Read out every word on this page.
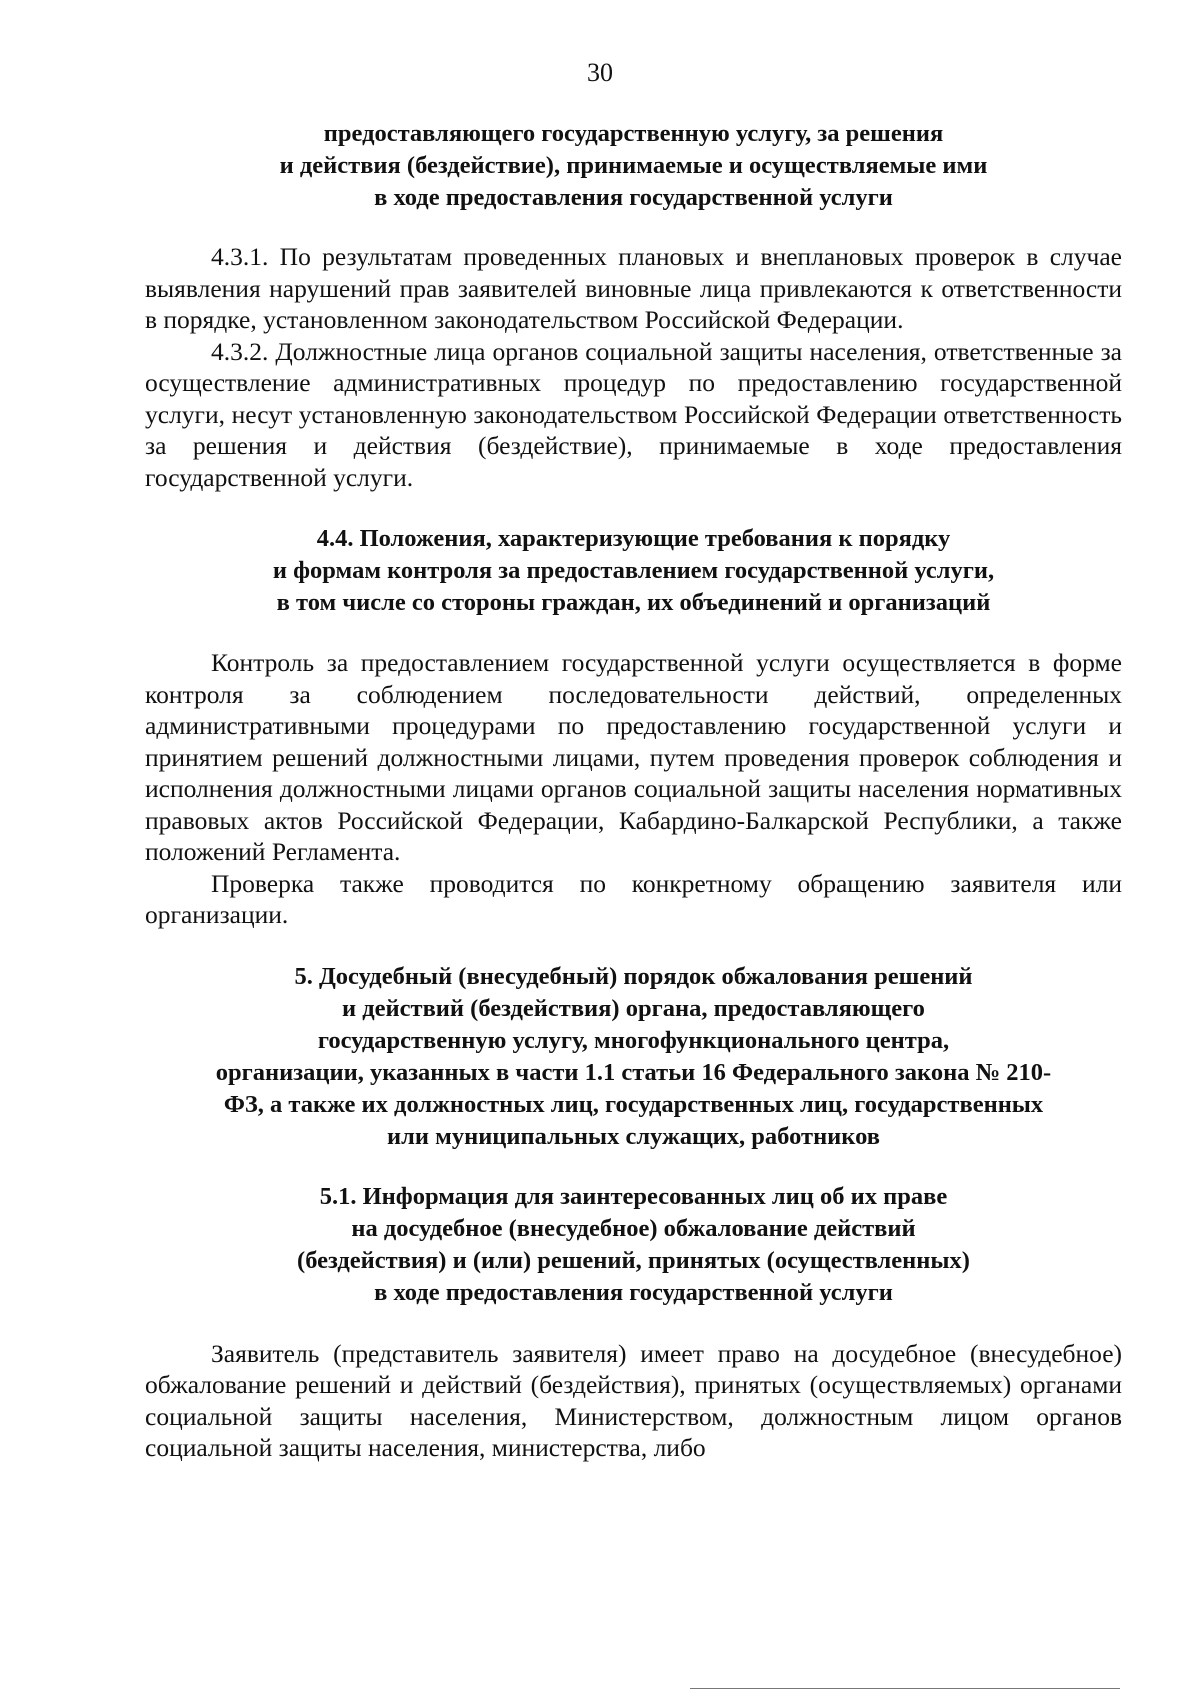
30
предоставляющего государственную услугу, за решения
и действия (бездействие), принимаемые и осуществляемые ими
в ходе предоставления государственной услуги

4.3.1. По результатам проведенных плановых и внеплановых проверок в случае выявления нарушений прав заявителей виновные лица привлекаются к ответственности в порядке, установленном законодательством Российской Федерации.

4.3.2. Должностные лица органов социальной защиты населения, ответственные за осуществление административных процедур по предоставлению государственной услуги, несут установленную законодательством Российской Федерации ответственность за решения и действия (бездействие), принимаемые в ходе предоставления государственной услуги.

4.4. Положения, характеризующие требования к порядку
и формам контроля за предоставлением государственной услуги,
в том числе со стороны граждан, их объединений и организаций

Контроль за предоставлением государственной услуги осуществляется в форме контроля за соблюдением последовательности действий, определенных административными процедурами по предоставлению государственной услуги и принятием решений должностными лицами, путем проведения проверок соблюдения и исполнения должностными лицами органов социальной защиты населения нормативных правовых актов Российской Федерации, Кабардино-Балкарской Республики, а также положений Регламента.

Проверка также проводится по конкретному обращению заявителя или организации.

5. Досудебный (внесудебный) порядок обжалования решений
и действий (бездействия) органа, предоставляющего
государственную услугу, многофункционального центра,
организации, указанных в части 1.1 статьи 16 Федерального закона № 210-
ФЗ, а также их должностных лиц, государственных лиц, государственных
или муниципальных служащих, работников
5.1. Информация для заинтересованных лиц об их праве
на досудебное (внесудебное) обжалование действий
(бездействия) и (или) решений, принятых (осуществленных)
в ходе предоставления государственной услуги

Заявитель (представитель заявителя) имеет право на досудебное (внесудебное) обжалование решений и действий (бездействия), принятых (осуществляемых) органами социальной защиты населения, Министерством, должностным лицом органов социальной защиты населения, министерства, либо
